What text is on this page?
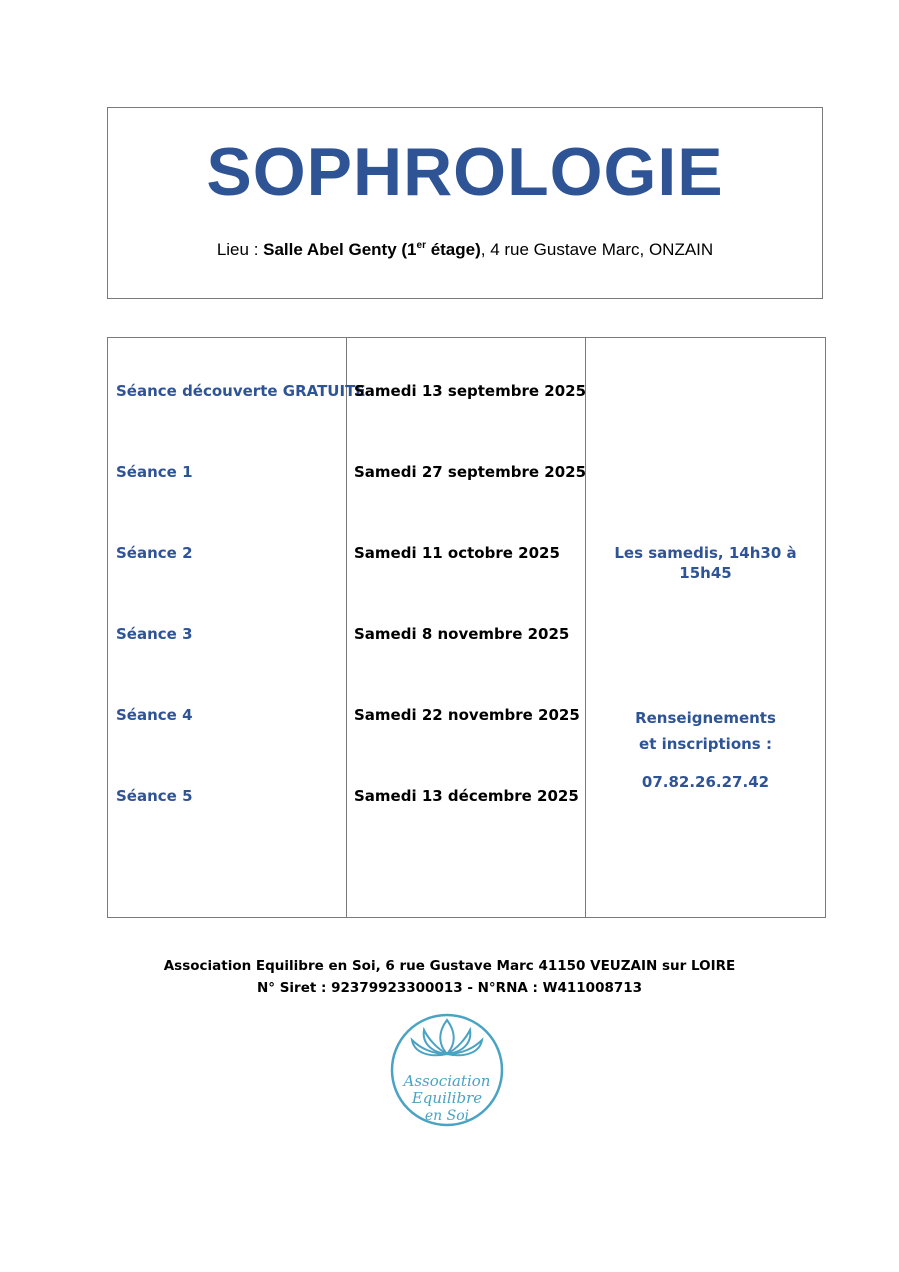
SOPHROLOGIE
Lieu : Salle Abel Genty (1er étage), 4 rue Gustave Marc, ONZAIN
Séance découverte GRATUITE
Séance 1
Séance 2
Séance 3
Séance 4
Séance 5
Samedi 13 septembre 2025
Samedi 27 septembre 2025
Samedi 11 octobre 2025
Samedi 8 novembre 2025
Samedi 22 novembre 2025
Samedi 13 décembre 2025
Les samedis, 14h30 à 15h45
Renseignements et inscriptions :
07.82.26.27.42
Association Equilibre en Soi, 6 rue Gustave Marc 41150 VEUZAIN sur LOIRE
N° Siret : 92379923300013 - N°RNA : W411008713
Association
Equilibre
en Soi
